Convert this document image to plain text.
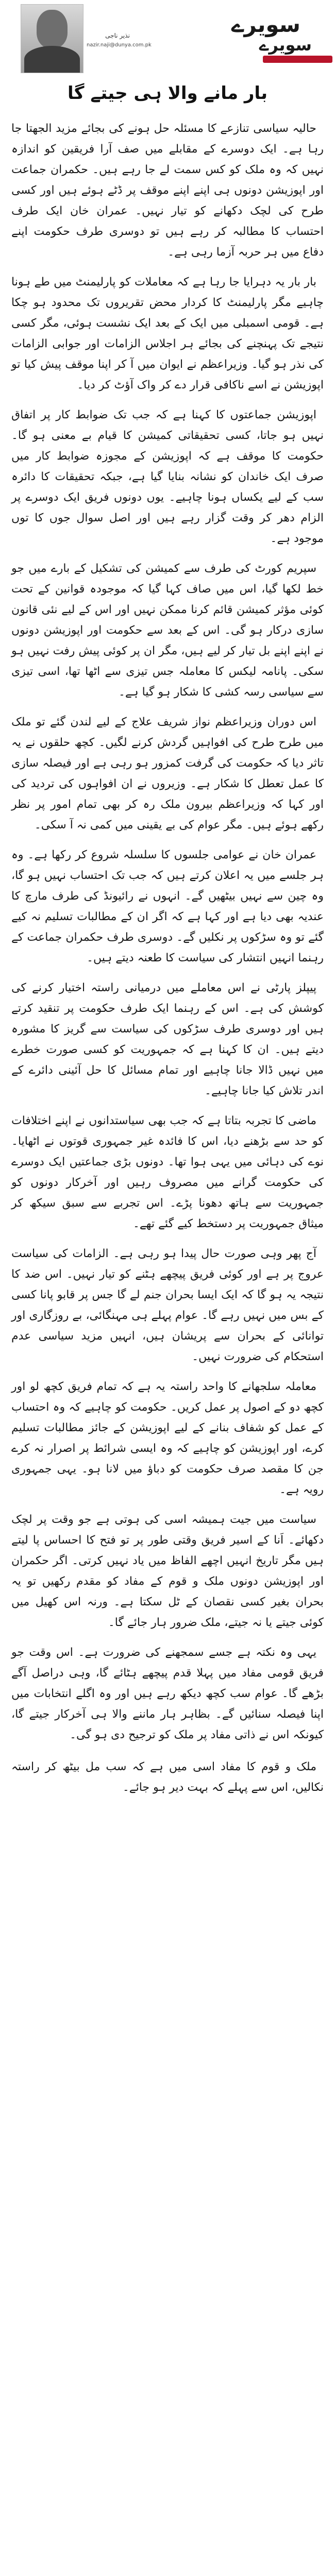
نذیر ناجی
nazir.naji@dunya.com.pk
سویرے
سویرے
بار مانے والا ہی جیتے گا

حالیہ سیاسی تنازعے کا مسئلہ حل ہونے کی بجائے مزید الجھتا جا رہا ہے۔ ایک دوسرے کے مقابلے میں صف آرا فریقین کو اندازہ نہیں کہ وہ ملک کو کس سمت لے جا رہے ہیں۔ حکمران جماعت اور اپوزیشن دونوں ہی اپنے اپنے موقف پر ڈٹے ہوئے ہیں اور کسی طرح کی لچک دکھانے کو تیار نہیں۔ عمران خان ایک طرف احتساب کا مطالبہ کر رہے ہیں تو دوسری طرف حکومت اپنے دفاع میں ہر حربہ آزما رہی ہے۔

بار بار یہ دہرایا جا رہا ہے کہ معاملات کو پارلیمنٹ میں طے ہونا چاہیے مگر پارلیمنٹ کا کردار محض تقریروں تک محدود ہو چکا ہے۔ قومی اسمبلی میں ایک کے بعد ایک نشست ہوئی، مگر کسی نتیجے تک پہنچنے کی بجائے ہر اجلاس الزامات اور جوابی الزامات کی نذر ہو گیا۔ وزیراعظم نے ایوان میں آ کر اپنا موقف پیش کیا تو اپوزیشن نے اسے ناکافی قرار دے کر واک آؤٹ کر دیا۔

اپوزیشن جماعتوں کا کہنا ہے کہ جب تک ضوابط کار پر اتفاق نہیں ہو جاتا، کسی تحقیقاتی کمیشن کا قیام بے معنی ہو گا۔ حکومت کا موقف ہے کہ اپوزیشن کے مجوزہ ضوابط کار میں صرف ایک خاندان کو نشانہ بنایا گیا ہے، جبکہ تحقیقات کا دائرہ سب کے لیے یکساں ہونا چاہیے۔ یوں دونوں فریق ایک دوسرے پر الزام دھر کر وقت گزار رہے ہیں اور اصل سوال جوں کا توں موجود ہے۔

سپریم کورٹ کی طرف سے کمیشن کی تشکیل کے بارے میں جو خط لکھا گیا، اس میں صاف کہا گیا کہ موجودہ قوانین کے تحت کوئی مؤثر کمیشن قائم کرنا ممکن نہیں اور اس کے لیے نئی قانون سازی درکار ہو گی۔ اس کے بعد سے حکومت اور اپوزیشن دونوں نے اپنے اپنے بل تیار کر لیے ہیں، مگر ان پر کوئی پیش رفت نہیں ہو سکی۔ پانامہ لیکس کا معاملہ جس تیزی سے اٹھا تھا، اسی تیزی سے سیاسی رسہ کشی کا شکار ہو گیا ہے۔

اس دوران وزیراعظم نواز شریف علاج کے لیے لندن گئے تو ملک میں طرح طرح کی افواہیں گردش کرنے لگیں۔ کچھ حلقوں نے یہ تاثر دیا کہ حکومت کی گرفت کمزور ہو رہی ہے اور فیصلہ سازی کا عمل تعطل کا شکار ہے۔ وزیروں نے ان افواہوں کی تردید کی اور کہا کہ وزیراعظم بیرون ملک رہ کر بھی تمام امور پر نظر رکھے ہوئے ہیں۔ مگر عوام کی بے یقینی میں کمی نہ آ سکی۔

عمران خان نے عوامی جلسوں کا سلسلہ شروع کر رکھا ہے۔ وہ ہر جلسے میں یہ اعلان کرتے ہیں کہ جب تک احتساب نہیں ہو گا، وہ چین سے نہیں بیٹھیں گے۔ انہوں نے رائیونڈ کی طرف مارچ کا عندیہ بھی دیا ہے اور کہا ہے کہ اگر ان کے مطالبات تسلیم نہ کیے گئے تو وہ سڑکوں پر نکلیں گے۔ دوسری طرف حکمران جماعت کے رہنما انہیں انتشار کی سیاست کا طعنہ دیتے ہیں۔

پیپلز پارٹی نے اس معاملے میں درمیانی راستہ اختیار کرنے کی کوشش کی ہے۔ اس کے رہنما ایک طرف حکومت پر تنقید کرتے ہیں اور دوسری طرف سڑکوں کی سیاست سے گریز کا مشورہ دیتے ہیں۔ ان کا کہنا ہے کہ جمہوریت کو کسی صورت خطرے میں نہیں ڈالا جانا چاہیے اور تمام مسائل کا حل آئینی دائرے کے اندر تلاش کیا جانا چاہیے۔

ماضی کا تجربہ بتاتا ہے کہ جب بھی سیاستدانوں نے اپنے اختلافات کو حد سے بڑھنے دیا، اس کا فائدہ غیر جمہوری قوتوں نے اٹھایا۔ نوے کی دہائی میں یہی ہوا تھا۔ دونوں بڑی جماعتیں ایک دوسرے کی حکومت گرانے میں مصروف رہیں اور آخرکار دونوں کو جمہوریت سے ہاتھ دھونا پڑے۔ اس تجربے سے سبق سیکھ کر میثاق جمہوریت پر دستخط کیے گئے تھے۔

آج پھر وہی صورت حال پیدا ہو رہی ہے۔ الزامات کی سیاست عروج پر ہے اور کوئی فریق پیچھے ہٹنے کو تیار نہیں۔ اس ضد کا نتیجہ یہ ہو گا کہ ایک ایسا بحران جنم لے گا جس پر قابو پانا کسی کے بس میں نہیں رہے گا۔ عوام پہلے ہی مہنگائی، بے روزگاری اور توانائی کے بحران سے پریشان ہیں، انہیں مزید سیاسی عدم استحکام کی ضرورت نہیں۔

معاملہ سلجھانے کا واحد راستہ یہ ہے کہ تمام فریق کچھ لو اور کچھ دو کے اصول پر عمل کریں۔ حکومت کو چاہیے کہ وہ احتساب کے عمل کو شفاف بنانے کے لیے اپوزیشن کے جائز مطالبات تسلیم کرے، اور اپوزیشن کو چاہیے کہ وہ ایسی شرائط پر اصرار نہ کرے جن کا مقصد صرف حکومت کو دباؤ میں لانا ہو۔ یہی جمہوری رویہ ہے۔

سیاست میں جیت ہمیشہ اسی کی ہوتی ہے جو وقت پر لچک دکھائے۔ اَنا کے اسیر فریق وقتی طور پر تو فتح کا احساس پا لیتے ہیں مگر تاریخ انہیں اچھے الفاظ میں یاد نہیں کرتی۔ اگر حکمران اور اپوزیشن دونوں ملک و قوم کے مفاد کو مقدم رکھیں تو یہ بحران بغیر کسی نقصان کے ٹل سکتا ہے۔ ورنہ اس کھیل میں کوئی جیتے یا نہ جیتے، ملک ضرور ہار جائے گا۔

یہی وہ نکتہ ہے جسے سمجھنے کی ضرورت ہے۔ اس وقت جو فریق قومی مفاد میں پہلا قدم پیچھے ہٹائے گا، وہی دراصل آگے بڑھے گا۔ عوام سب کچھ دیکھ رہے ہیں اور وہ اگلے انتخابات میں اپنا فیصلہ سنائیں گے۔ بظاہر ہار ماننے والا ہی آخرکار جیتے گا، کیونکہ اس نے ذاتی مفاد پر ملک کو ترجیح دی ہو گی۔

ملک و قوم کا مفاد اسی میں ہے کہ سب مل بیٹھ کر راستہ نکالیں، اس سے پہلے کہ بہت دیر ہو جائے۔
